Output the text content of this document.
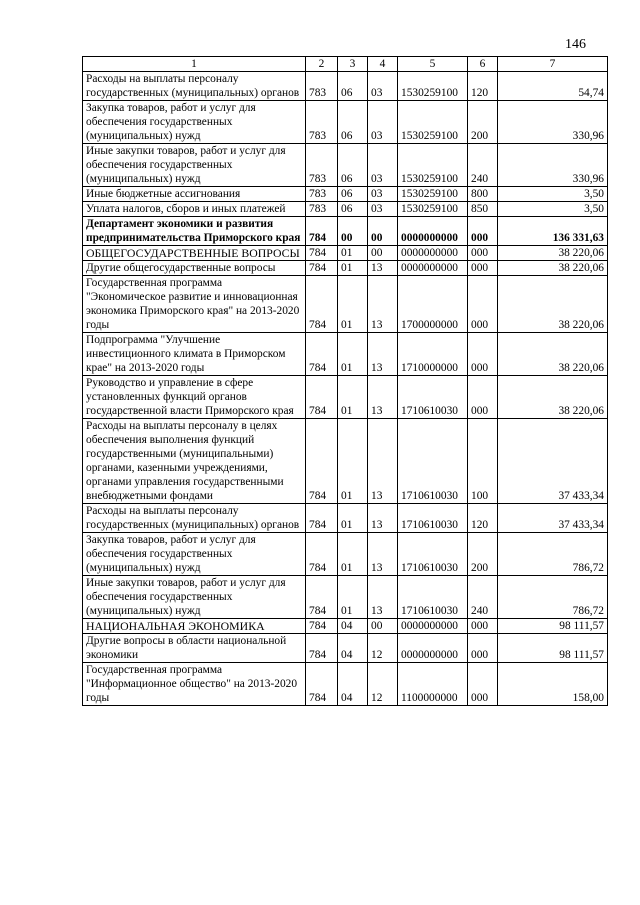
146
1	2	3	4	5	6	7
Расходы на выплаты персоналу государственных (муниципальных) органов	783	06	03	1530259100	120	54,74
Закупка товаров, работ и услуг для обеспечения государственных (муниципальных) нужд	783	06	03	1530259100	200	330,96
Иные закупки товаров, работ и услуг для обеспечения государственных (муниципальных) нужд	783	06	03	1530259100	240	330,96
Иные бюджетные ассигнования	783	06	03	1530259100	800	3,50
Уплата налогов, сборов и иных платежей	783	06	03	1530259100	850	3,50
Департамент экономики и развития предпринимательства Приморского края	784	00	00	0000000000	000	136 331,63
ОБЩЕГОСУДАРСТВЕННЫЕ ВОПРОСЫ	784	01	00	0000000000	000	38 220,06
Другие общегосударственные вопросы	784	01	13	0000000000	000	38 220,06
Государственная программа "Экономическое развитие и инновационная экономика Приморского края" на 2013-2020 годы	784	01	13	1700000000	000	38 220,06
Подпрограмма "Улучшение инвестиционного климата в Приморском крае" на 2013-2020 годы	784	01	13	1710000000	000	38 220,06
Руководство и управление в сфере установленных функций органов государственной власти Приморского края	784	01	13	1710610030	000	38 220,06
Расходы на выплаты персоналу в целях обеспечения выполнения функций государственными (муниципальными) органами, казенными учреждениями, органами управления государственными внебюджетными фондами	784	01	13	1710610030	100	37 433,34
Расходы на выплаты персоналу государственных (муниципальных) органов	784	01	13	1710610030	120	37 433,34
Закупка товаров, работ и услуг для обеспечения государственных (муниципальных) нужд	784	01	13	1710610030	200	786,72
Иные закупки товаров, работ и услуг для обеспечения государственных (муниципальных) нужд	784	01	13	1710610030	240	786,72
НАЦИОНАЛЬНАЯ ЭКОНОМИКА	784	04	00	0000000000	000	98 111,57
Другие вопросы в области национальной экономики	784	04	12	0000000000	000	98 111,57
Государственная программа "Информационное общество" на 2013-2020 годы	784	04	12	1100000000	000	158,00
